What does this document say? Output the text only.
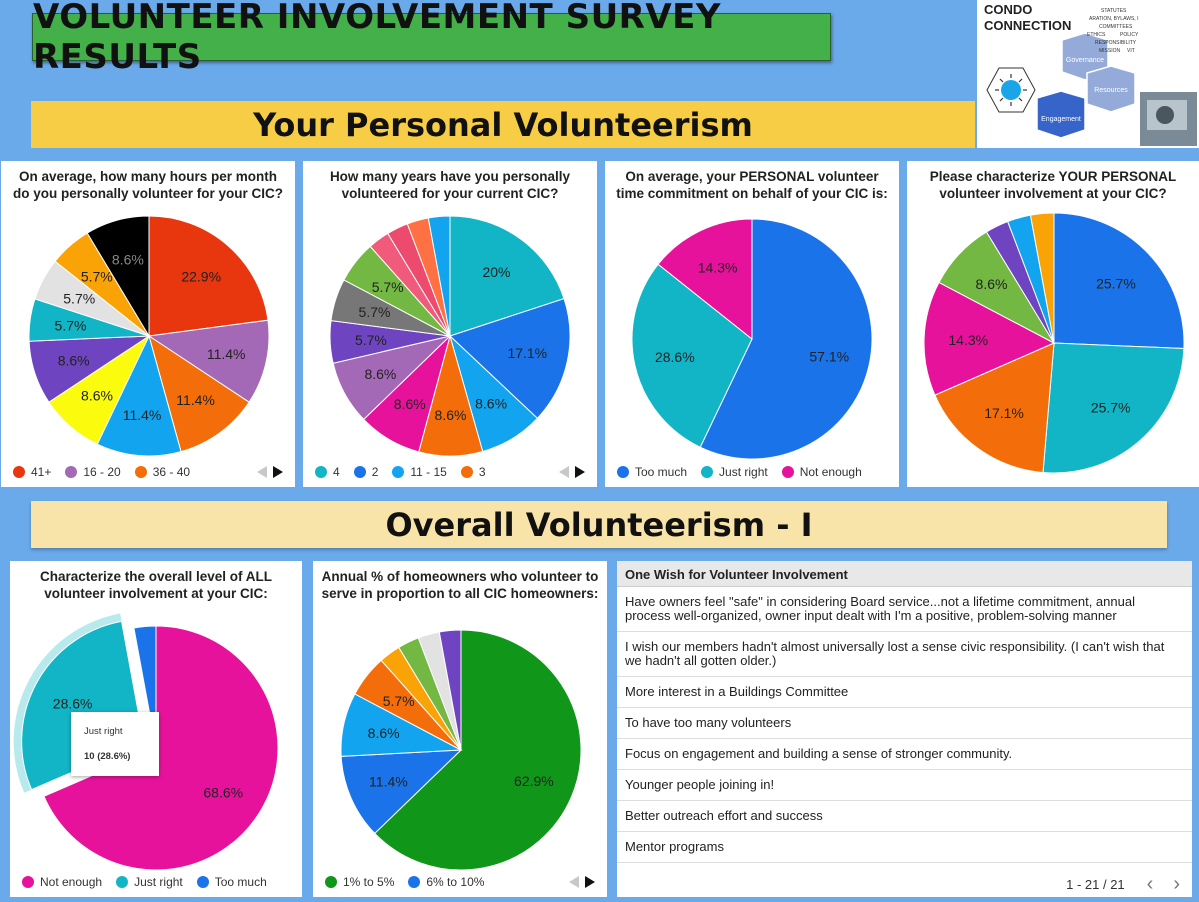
VOLUNTEER INVOLVEMENT SURVEY RESULTS
Your Personal Volunteerism
CONDO CONNECTION
Governance
Resources
Engagement
STATUTES
ARATION, BYLAWS, I
COMMITTEES
ETHICS	POLICY
RESPONSIBILITY
MISSION VIT
On average, how many hours per month do you personally volunteer for your CIC?
22.9%
11.4%
11.4%
11.4%
8.6%
8.6%
5.7%
5.7%
5.7%
8.6%
41+	16 - 20	36 - 40
How many years have you personally volunteered for your current CIC?
20%
17.1%
8.6%
8.6%
8.6%
8.6%
5.7%
5.7%
5.7%
4	2	11 - 15	3
On average, your PERSONAL volunteer time commitment on behalf of your CIC is:
57.1%
28.6%
14.3%
Too much	Just right	Not enough
Please characterize YOUR PERSONAL volunteer involvement at your CIC?
25.7%
25.7%
17.1%
14.3%
8.6%
Overall Volunteerism - I
Characterize the overall level of ALL volunteer involvement at your CIC:
68.6%
28.6%
Not enough	Just right	Too much
Just right
10 (28.6%)
Annual % of homeowners who volunteer to serve in proportion to all CIC homeowners:
62.9%
11.4%
8.6%
5.7%
1% to 5%	6% to 10%
One Wish for Volunteer Involvement
Have owners feel "safe" in considering Board service...not a lifetime commitment, annual process well-organized, owner input dealt with I'm a positive, problem-solving manner
I wish our members hadn't almost universally lost a sense civic responsibility. (I can't wish that we hadn't all gotten older.)
More interest in a Buildings Committee
To have too many volunteers
Focus on engagement and building a sense of stronger community.
Younger people joining in!
Better outreach effort and success
Mentor programs
1 - 21 / 21 ‹ ›
